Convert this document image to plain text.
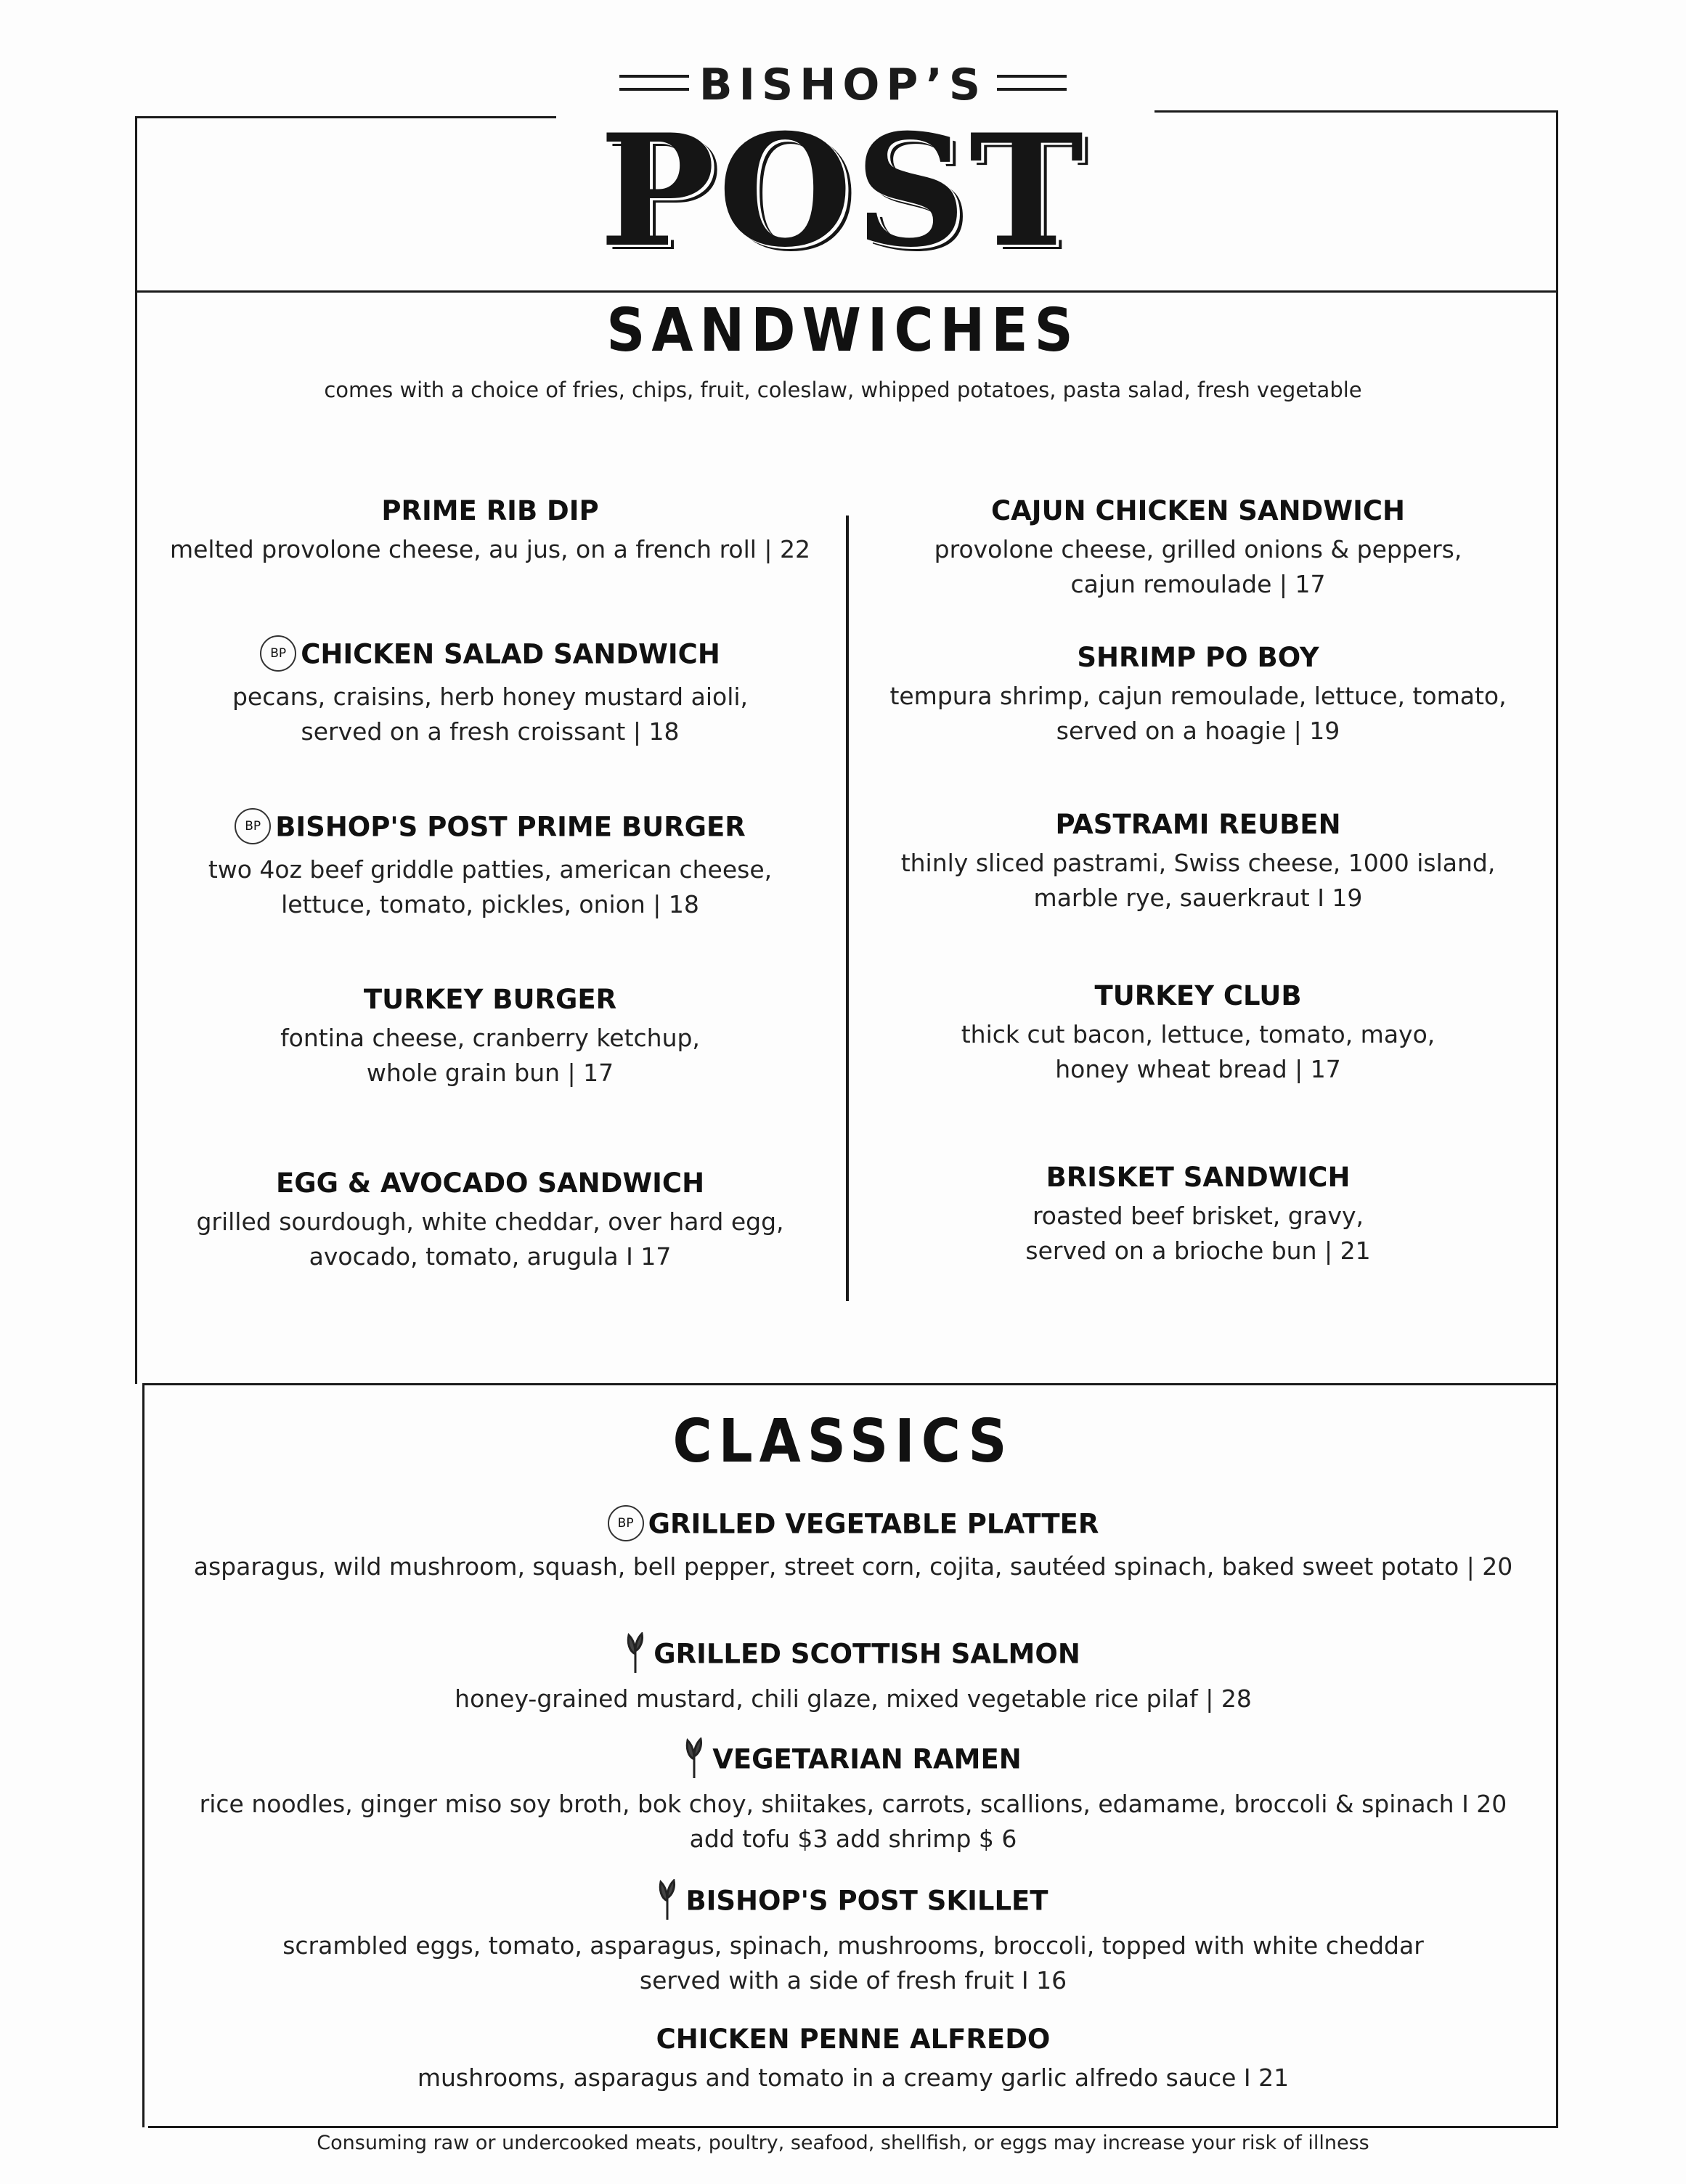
BISHOP’S
POST
SANDWICHES
comes with a choice of fries, chips, fruit, coleslaw, whipped potatoes, pasta salad, fresh vegetable
PRIME RIB DIP
melted provolone cheese, au jus, on a french roll | 22
BP CHICKEN SALAD SANDWICH
pecans, craisins, herb honey mustard aioli,
served on a fresh croissant | 18
BP BISHOP'S POST PRIME BURGER
two 4oz beef griddle patties, american cheese,
lettuce, tomato, pickles, onion | 18
TURKEY BURGER
fontina cheese, cranberry ketchup,
whole grain bun | 17
EGG & AVOCADO SANDWICH
grilled sourdough, white cheddar, over hard egg,
avocado, tomato, arugula I 17
CAJUN CHICKEN SANDWICH
provolone cheese, grilled onions & peppers,
cajun remoulade | 17
SHRIMP PO BOY
tempura shrimp, cajun remoulade, lettuce, tomato,
served on a hoagie | 19
PASTRAMI REUBEN
thinly sliced pastrami, Swiss cheese, 1000 island,
marble rye, sauerkraut I 19
TURKEY CLUB
thick cut bacon, lettuce, tomato, mayo,
honey wheat bread | 17
BRISKET SANDWICH
roasted beef brisket, gravy,
served on a brioche bun | 21
CLASSICS
BP GRILLED VEGETABLE PLATTER
asparagus, wild mushroom, squash, bell pepper, street corn, cojita, sautéed spinach, baked sweet potato | 20
GRILLED SCOTTISH SALMON
honey-grained mustard, chili glaze, mixed vegetable rice pilaf | 28
VEGETARIAN RAMEN
rice noodles, ginger miso soy broth, bok choy, shiitakes, carrots, scallions, edamame, broccoli & spinach I 20
add tofu $3 add shrimp $ 6
BISHOP'S POST SKILLET
scrambled eggs, tomato, asparagus, spinach, mushrooms, broccoli, topped with white cheddar
served with a side of fresh fruit I 16
CHICKEN PENNE ALFREDO
mushrooms, asparagus and tomato in a creamy garlic alfredo sauce I 21
Consuming raw or undercooked meats, poultry, seafood, shellfish, or eggs may increase your risk of illness
